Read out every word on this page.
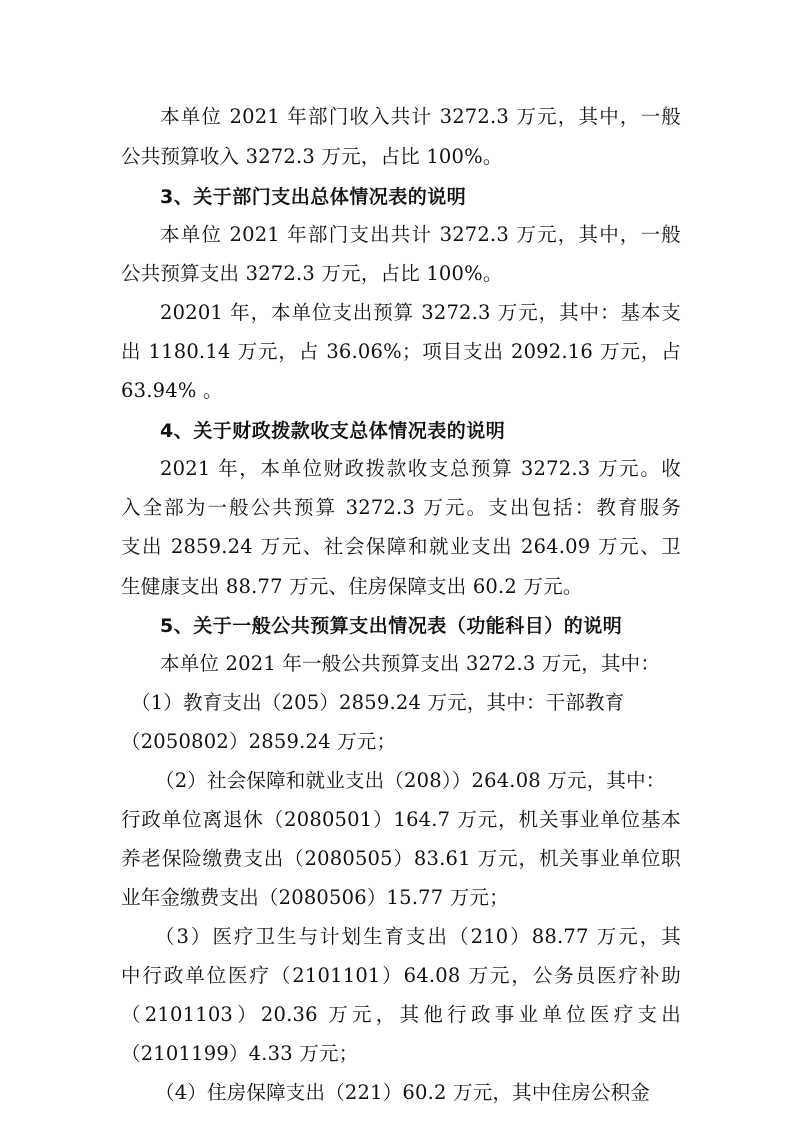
本单位 2021 年部门收入共计 3272.3 万元，其中，一般
公共预算收入 3272.3 万元，占比 100%。
3、关于部门支出总体情况表的说明
本单位 2021 年部门支出共计 3272.3 万元，其中，一般
公共预算支出 3272.3 万元，占比 100%。
20201 年，本单位支出预算 3272.3 万元，其中：基本支
出 1180.14 万元，占 36.06%；项目支出 2092.16 万元，占
63.94% 。
4、关于财政拨款收支总体情况表的说明
2021 年，本单位财政拨款收支总预算 3272.3 万元。收
入全部为一般公共预算 3272.3 万元。支出包括：教育服务
支出 2859.24 万元、社会保障和就业支出 264.09 万元、卫
生健康支出 88.77 万元、住房保障支出 60.2 万元。
5、关于一般公共预算支出情况表（功能科目）的说明
本单位 2021 年一般公共预算支出 3272.3 万元，其中：
（1）教育支出（205）2859.24 万元，其中：干部教育
（2050802）2859.24 万元；
（2）社会保障和就业支出（208））264.08 万元，其中：
行政单位离退休（2080501）164.7 万元，机关事业单位基本
养老保险缴费支出（2080505）83.61 万元，机关事业单位职
业年金缴费支出（2080506）15.77 万元；
（3）医疗卫生与计划生育支出（210）88.77 万元，其
中行政单位医疗（2101101）64.08 万元，公务员医疗补助
（2101103）20.36 万元，其他行政事业单位医疗支出
（2101199）4.33 万元；
（4）住房保障支出（221）60.2 万元，其中住房公积金
